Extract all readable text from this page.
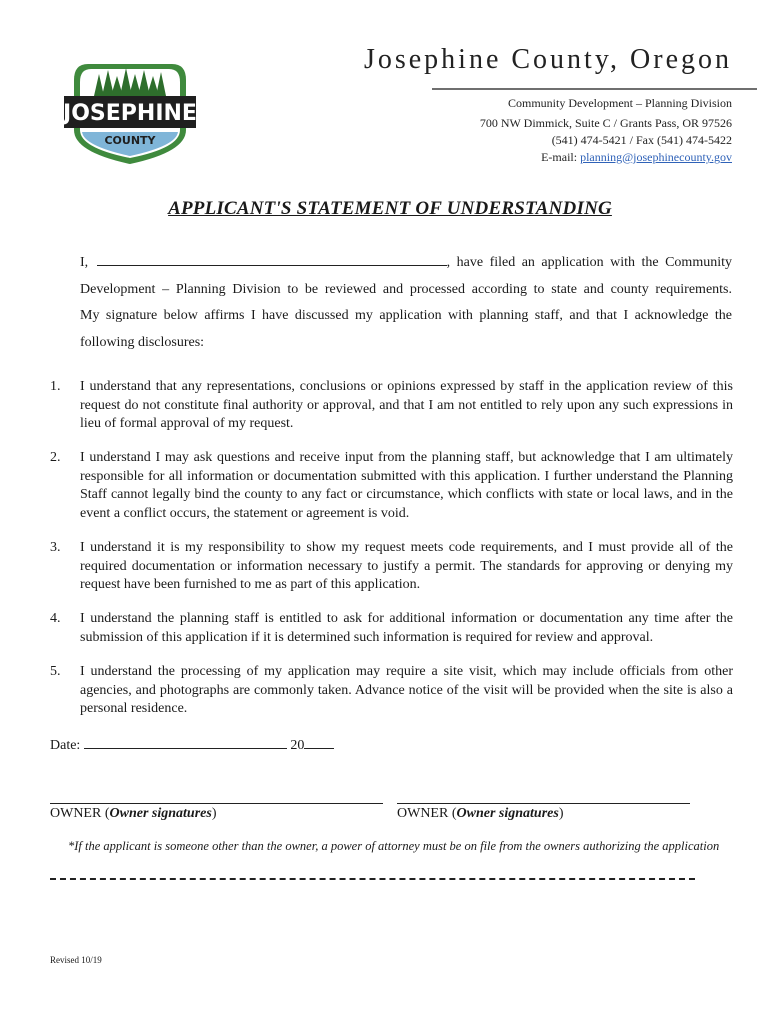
JOSEPHINE
COUNTY
Josephine County, Oregon
Community Development – Planning Division
700 NW Dimmick, Suite C / Grants Pass, OR 97526
(541) 474-5421 / Fax (541) 474-5422
E-mail: planning@josephinecounty.gov
APPLICANT'S STATEMENT OF UNDERSTANDING

I,	, have filed an application with the Community

Development – Planning Division to be reviewed and processed according to state and county requirements.

My signature below affirms I have discussed my application with planning staff, and that I acknowledge the

following disclosures:

1. I understand that any representations, conclusions or opinions expressed by staff in the application review of this request do not constitute final authority or approval, and that I am not entitled to rely upon any such expressions in lieu of formal approval of my request.
2. I understand I may ask questions and receive input from the planning staff, but acknowledge that I am ultimately responsible for all information or documentation submitted with this application. I further understand the Planning Staff cannot legally bind the county to any fact or circumstance, which conflicts with state or local laws, and in the event a conflict occurs, the statement or agreement is void.
3. I understand it is my responsibility to show my request meets code requirements, and I must provide all of the required documentation or information necessary to justify a permit. The standards for approving or denying my request have been furnished to me as part of this application.
4. I understand the planning staff is entitled to ask for additional information or documentation any time after the submission of this application if it is determined such information is required for review and approval.
5. I understand the processing of my application may require a site visit, which may include officials from other agencies, and photographs are commonly taken. Advance notice of the visit will be provided when the site is also a personal residence.
Date:	20
OWNER (Owner signatures)	OWNER (Owner signatures)
*If the applicant is someone other than the owner, a power of attorney must be on file from the owners authorizing the application
Revised 10/19
